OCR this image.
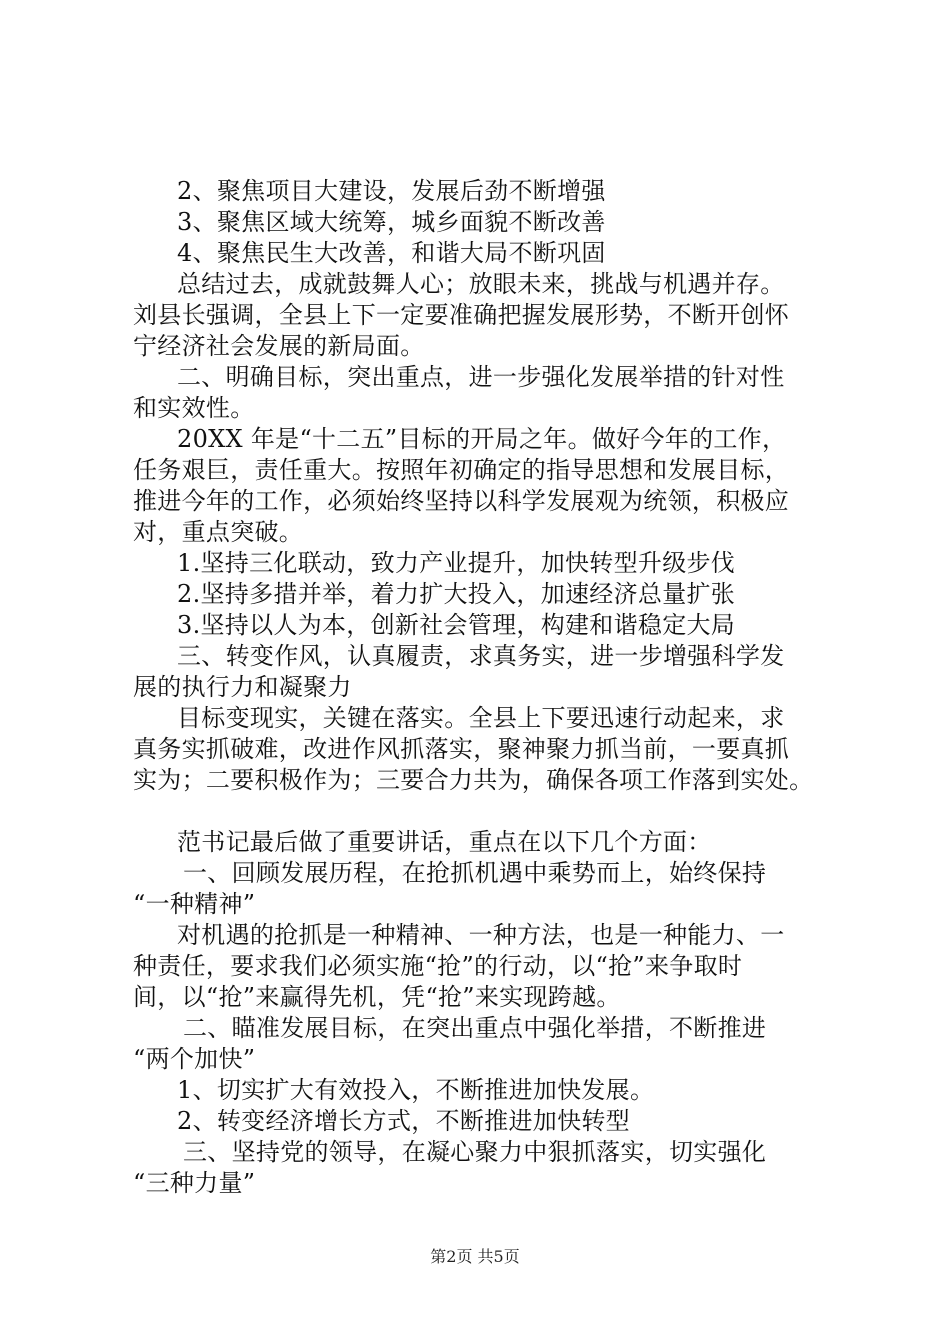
2、聚焦项目大建设，发展后劲不断增强
3、聚焦区域大统筹，城乡面貌不断改善
4、聚焦民生大改善，和谐大局不断巩固
总结过去，成就鼓舞人心；放眼未来，挑战与机遇并存。
刘县长强调，全县上下一定要准确把握发展形势，不断开创怀
宁经济社会发展的新局面。
二、明确目标，突出重点，进一步强化发展举措的针对性
和实效性。
20XX 年是“十二五”目标的开局之年。做好今年的工作，
任务艰巨，责任重大。按照年初确定的指导思想和发展目标，
推进今年的工作，必须始终坚持以科学发展观为统领，积极应
对，重点突破。
1.坚持三化联动，致力产业提升，加快转型升级步伐
2.坚持多措并举，着力扩大投入，加速经济总量扩张
3.坚持以人为本，创新社会管理，构建和谐稳定大局
三、转变作风，认真履责，求真务实，进一步增强科学发
展的执行力和凝聚力
目标变现实，关键在落实。全县上下要迅速行动起来，求
真务实抓破难，改进作风抓落实，聚神聚力抓当前，一要真抓
实为；二要积极作为；三要合力共为，确保各项工作落到实处。
范书记最后做了重要讲话，重点在以下几个方面：
一、回顾发展历程，在抢抓机遇中乘势而上，始终保持
“一种精神”
对机遇的抢抓是一种精神、一种方法，也是一种能力、一
种责任，要求我们必须实施“抢”的行动，以“抢”来争取时
间，以“抢”来赢得先机，凭“抢”来实现跨越。
二、瞄准发展目标，在突出重点中强化举措，不断推进
“两个加快”
1、切实扩大有效投入，不断推进加快发展。
2、转变经济增长方式，不断推进加快转型
三、坚持党的领导，在凝心聚力中狠抓落实，切实强化
“三种力量”
第2页 共5页
